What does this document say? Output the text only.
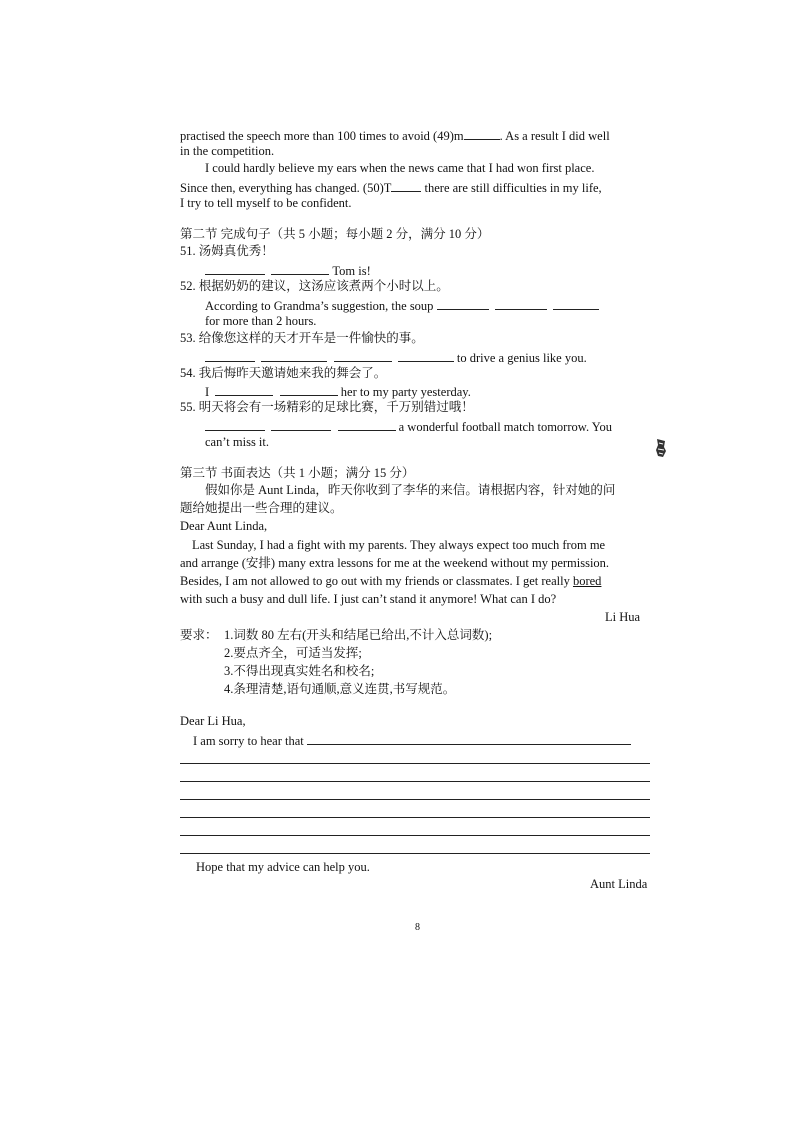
practised the speech more than 100 times to avoid (49)m	. As a result I did well
in the competition.
I could hardly believe my ears when the news came that I had won first place.
Since then, everything has changed. (50)T there are still difficulties in my life,
I try to tell myself to be confident.
第二节 完成句子（共 5 小题；每小题 2 分，满分 10 分）
51. 汤姆真优秀！
Tom is!
52. 根据奶奶的建议，这汤应该煮两个小时以上。
According to Grandma’s suggestion, the soup
for more than 2 hours.
53. 给像您这样的天才开车是一件愉快的事。
to drive a genius like you.
54. 我后悔昨天邀请她来我的舞会了。
I	her to my party yesterday.
55. 明天将会有一场精彩的足球比赛，千万别错过哦！
a wonderful football match tomorrow. You
can’t miss it.
第三节 书面表达（共 1 小题；满分 15 分）
假如你是 Aunt Linda，昨天你收到了李华的来信。请根据内容，针对她的问
题给她提出一些合理的建议。
Dear Aunt Linda,
Last Sunday, I had a fight with my parents. They always expect too much from me
and arrange (安排) many extra lessons for me at the weekend without my permission.
Besides, I am not allowed to go out with my friends or classmates. I get really bored
with such a busy and dull life. I just can’t stand it anymore! What can I do?
Li Hua
要求： 1.词数 80 左右(开头和结尾已给出,不计入总词数);
2.要点齐全，可适当发挥;
3.不得出现真实姓名和校名;
4.条理清楚,语句通顺,意义连贯,书写规范。
Dear Li Hua,
I am sorry to hear that
Hope that my advice can help you.
Aunt Linda
8
